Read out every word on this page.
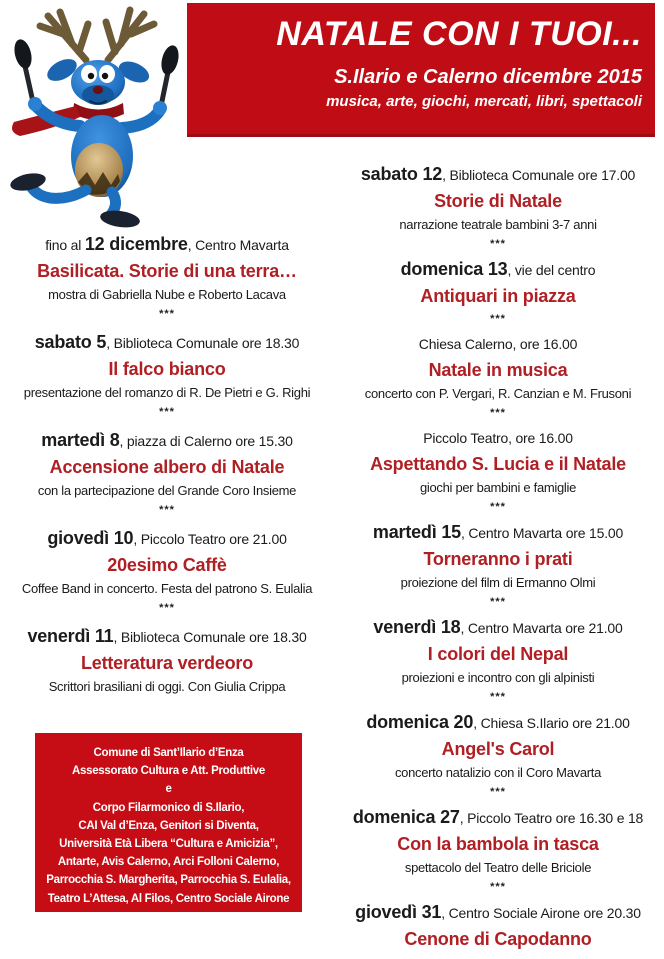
NATALE CON I TUOI...
S.Ilario e Calerno dicembre 2015
musica, arte, giochi, mercati, libri, spettacoli
fino al 12 dicembre, Centro Mavarta
Basilicata. Storie di una terra…
mostra di Gabriella Nube e Roberto Lacava
***
sabato 5, Biblioteca Comunale ore 18.30
Il falco bianco
presentazione del romanzo di R. De Pietri e G. Righi
***
martedì 8, piazza di Calerno ore 15.30
Accensione albero di Natale
con la partecipazione del Grande Coro Insieme
***
giovedì 10, Piccolo Teatro ore 21.00
20esimo Caffè
Coffee Band in concerto. Festa del patrono S. Eulalia
***
venerdì 11, Biblioteca Comunale ore 18.30
Letteratura verdeoro
Scrittori brasiliani di oggi. Con Giulia Crippa
sabato 12, Biblioteca Comunale ore 17.00
Storie di Natale
narrazione teatrale bambini 3-7 anni
***
domenica 13, vie del centro
Antiquari in piazza
***
Chiesa Calerno, ore 16.00
Natale in musica
concerto con P. Vergari, R. Canzian e M. Frusoni
***
Piccolo Teatro, ore 16.00
Aspettando S. Lucia e il Natale
giochi per bambini e famiglie
***
martedì 15, Centro Mavarta ore 15.00
Torneranno i prati
proiezione del film di Ermanno Olmi
***
venerdì 18, Centro Mavarta ore 21.00
I colori del Nepal
proiezioni e incontro con gli alpinisti
***
domenica 20, Chiesa S.Ilario ore 21.00
Angel's Carol
concerto natalizio con il Coro Mavarta
***
domenica 27, Piccolo Teatro ore 16.30 e 18
Con la bambola in tasca
spettacolo del Teatro delle Briciole
***
giovedì 31, Centro Sociale Airone ore 20.30
Cenone di Capodanno
Comune di Sant’Ilario d’Enza
Assessorato Cultura e Att. Produttive
e
Corpo Filarmonico di S.Ilario,
CAI Val d’Enza, Genitori si Diventa,
Università Età Libera “Cultura e Amicizia”,
Antarte, Avis Calerno, Arci Folloni Calerno,
Parrocchia S. Margherita, Parrocchia S. Eulalia,
Teatro L’Attesa, Al Filos, Centro Sociale Airone
